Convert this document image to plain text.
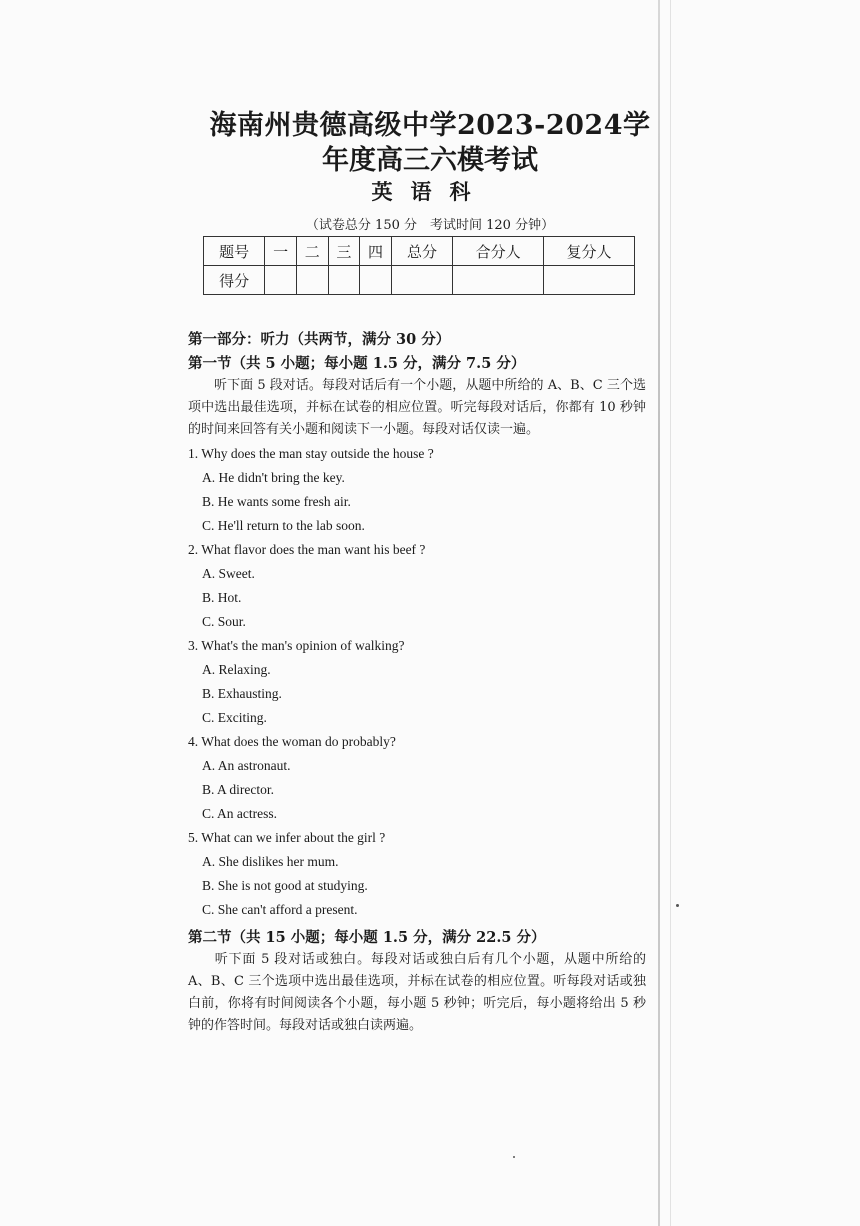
海南州贵德高级中学2023-2024学
年度高三六模考试
英语科
（试卷总分 150 分　考试时间 120 分钟）
题号	一	二	三	四	总分	合分人	复分人
得分							
第一部分：听力（共两节，满分 30 分）
第一节（共 5 小题；每小题 1.5 分，满分 7.5 分）
听下面 5 段对话。每段对话后有一个小题，从题中所给的 A、B、C 三个选项中选出最佳选项，并标在试卷的相应位置。听完每段对话后，你都有 10 秒钟的时间来回答有关小题和阅读下一小题。每段对话仅读一遍。
1. Why does the man stay outside the house ?
A. He didn't bring the key.
B. He wants some fresh air.
C. He'll return to the lab soon.
2. What flavor does the man want his beef ?
A. Sweet.
B. Hot.
C. Sour.
3. What's the man's opinion of walking?
A. Relaxing.
B. Exhausting.
C. Exciting.
4. What does the woman do probably?
A. An astronaut.
B. A director.
C. An actress.
5. What can we infer about the girl ?
A. She dislikes her mum.
B. She is not good at studying.
C. She can't afford a present.
第二节（共 15 小题；每小题 1.5 分，满分 22.5 分）
听下面 5 段对话或独白。每段对话或独白后有几个小题，从题中所给的 A、B、C 三个选项中选出最佳选项，并标在试卷的相应位置。听每段对话或独白前，你将有时间阅读各个小题，每小题 5 秒钟；听完后，每小题将给出 5 秒钟的作答时间。每段对话或独白读两遍。
